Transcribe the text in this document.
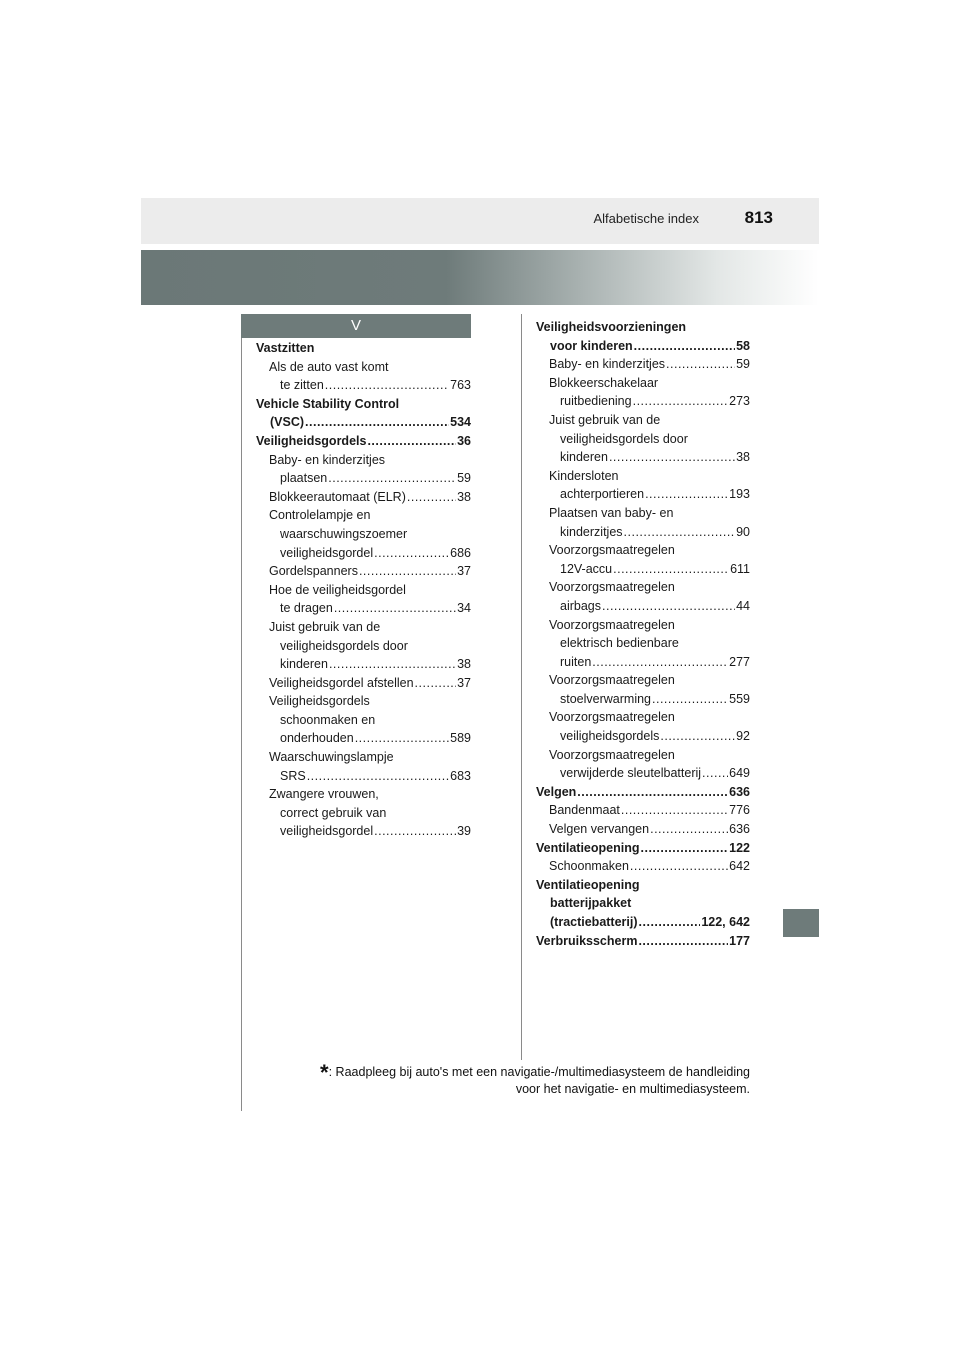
Alfabetische index	813
V
Vastzitten
Als de auto vast komt
te zitten .....	763
Vehicle Stability Control
(VSC) .....	534
Veiligheidsgordels .....	36
Baby- en kinderzitjes
plaatsen .....	59
Blokkeerautomaat (ELR) .....	38
Controlelampje en
waarschuwingszoemer
veiligheidsgordel .....	686
Gordelspanners .....	37
Hoe de veiligheidsgordel
te dragen .....	34
Juist gebruik van de
veiligheidsgordels door
kinderen .....	38
Veiligheidsgordel afstellen .....	37
Veiligheidsgordels
schoonmaken en
onderhouden .....	589
Waarschuwingslampje
SRS .....	683
Zwangere vrouwen,
correct gebruik van
veiligheidsgordel .....	39
Veiligheidsvoorzieningen
voor kinderen .....	58
Baby- en kinderzitjes .....	59
Blokkeerschakelaar
ruitbediening .....	273
Juist gebruik van de
veiligheidsgordels door
kinderen .....	38
Kindersloten
achterportieren .....	193
Plaatsen van baby- en
kinderzitjes .....	90
Voorzorgsmaatregelen
12V-accu .....	611
Voorzorgsmaatregelen
airbags .....	44
Voorzorgsmaatregelen
elektrisch bedienbare
ruiten .....	277
Voorzorgsmaatregelen
stoelverwarming .....	559
Voorzorgsmaatregelen
veiligheidsgordels .....	92
Voorzorgsmaatregelen
verwijderde sleutelbatterij ..... 649
Velgen .....	636
Bandenmaat .....	776
Velgen vervangen .....	636
Ventilatieopening .....	122
Schoonmaken .....	642
Ventilatieopening
batterijpakket
(tractiebatterij) .....	122, 642
Verbruiksscherm .....	177
*: Raadpleeg bij auto's met een navigatie-/multimediasysteem de handleiding
voor het navigatie- en multimediasysteem.
